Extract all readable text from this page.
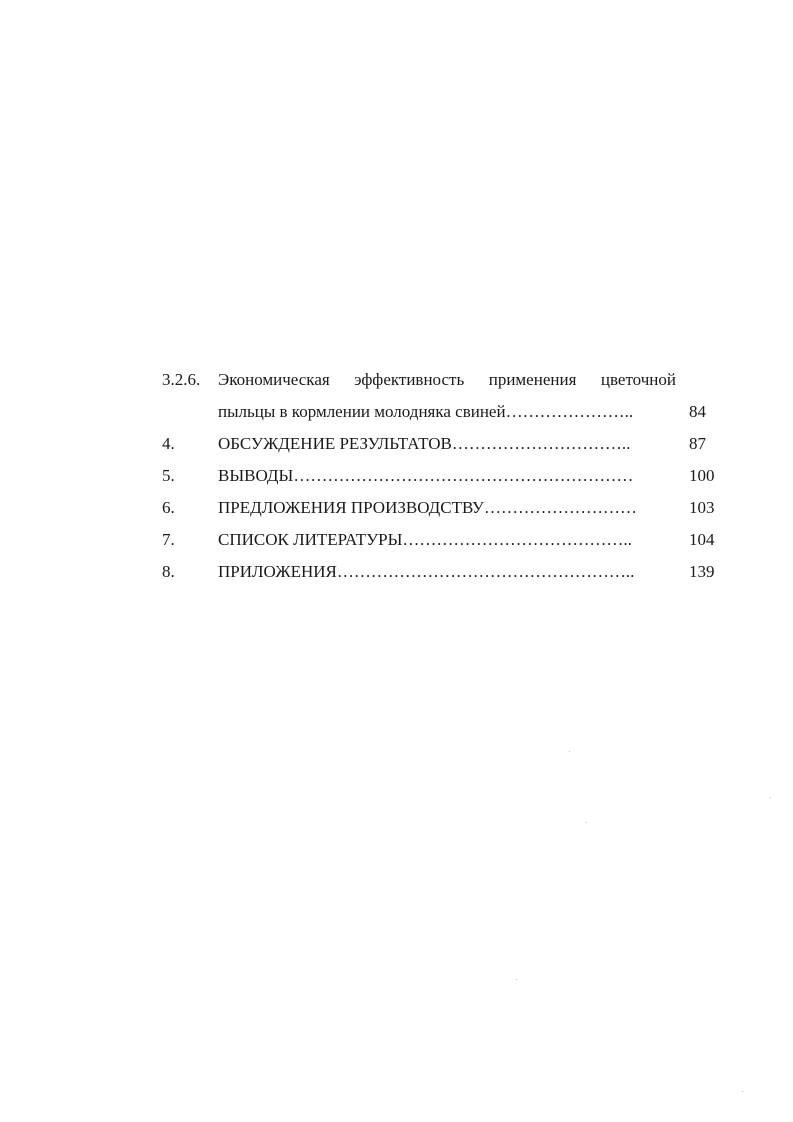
3.2.6. Экономическая эффективность применения цветочной
пыльцы в кормлении молодняка свиней…………………..	84
4.	ОБСУЖДЕНИЕ РЕЗУЛЬТАТОВ…………………………..	87
5.	ВЫВОДЫ……………………………………………………	100
6.	ПРЕДЛОЖЕНИЯ ПРОИЗВОДСТВУ………………………	103
7.	СПИСОК ЛИТЕРАТУРЫ…………………………………..	104
8.	ПРИЛОЖЕНИЯ……………………………………………..	139
